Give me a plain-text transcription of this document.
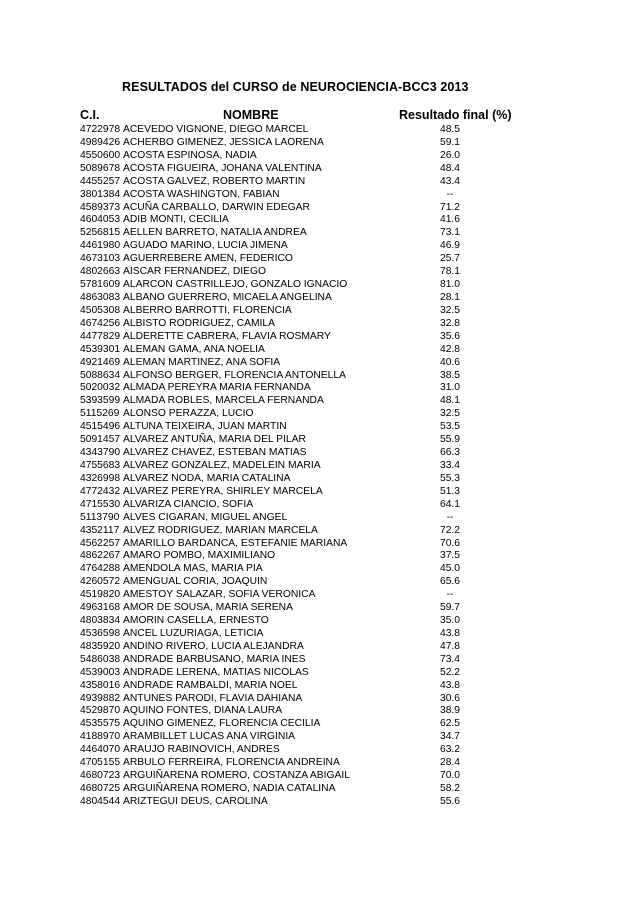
RESULTADOS del CURSO de NEUROCIENCIA-BCC3 2013
C.I.	NOMBRE	Resultado final (%)
4722978 ACEVEDO VIGNONE, DIEGO MARCEL	48.5
4989426 ACHERBO GIMENEZ, JESSICA LAORENA	59.1
4550600 ACOSTA ESPINOSA, NADIA	26.0
5089678 ACOSTA FIGUEIRA, JOHANA VALENTINA	48.4
4455257 ACOSTA GALVEZ, ROBERTO MARTIN	43.4
3801384 ACOSTA WASHINGTON, FABIAN	--
4589373 ACUÑA CARBALLO, DARWIN EDEGAR	71.2
4604053 ADIB MONTI, CECILIA	41.6
5256815 AELLEN BARRETO, NATALIA ANDREA	73.1
4461980 AGUADO MARINO, LUCIA JIMENA	46.9
4673103 AGUERREBERE AMEN, FEDERICO	25.7
4802663 AISCAR FERNANDEZ, DIEGO	78.1
5781609 ALARCON CASTRILLEJO, GONZALO IGNACIO	81.0
4863083 ALBANO GUERRERO, MICAELA ANGELINA	28.1
4505308 ALBERRO BARROTTI, FLORENCIA	32.5
4674256 ALBISTO RODRIGUEZ, CAMILA	32.8
4477829 ALDERETTE CABRERA, FLAVIA ROSMARY	35.6
4539301 ALEMAN GAMA, ANA NOELIA	42.8
4921469 ALEMAN MARTINEZ, ANA SOFIA	40.6
5088634 ALFONSO BERGER, FLORENCIA ANTONELLA	38.5
5020032 ALMADA PEREYRA MARIA FERNANDA	31.0
5393599 ALMADA ROBLES, MARCELA FERNANDA	48.1
5115269 ALONSO PERAZZA, LUCIO	32.5
4515496 ALTUNA TEIXEIRA, JUAN MARTIN	53.5
5091457 ALVAREZ ANTUÑA, MARIA DEL PILAR	55.9
4343790 ALVAREZ CHAVEZ, ESTEBAN MATIAS	66.3
4755683 ALVAREZ GONZALEZ, MADELEIN MARIA	33.4
4326998 ALVAREZ NODA, MARIA CATALINA	55.3
4772432 ALVAREZ PEREYRA, SHIRLEY MARCELA	51.3
4715530 ALVARIZA CIANCIO, SOFIA	64.1
5113790 ALVES CIGARAN, MIGUEL ANGEL	--
4352117 ALVEZ RODRIGUEZ, MARIAN MARCELA	72.2
4562257 AMARILLO BARDANCA, ESTEFANIE MARIANA	70.6
4862267 AMARO POMBO, MAXIMILIANO	37.5
4764288 AMENDOLA MAS, MARIA PIA	45.0
4260572 AMENGUAL CORIA, JOAQUIN	65.6
4519820 AMESTOY SALAZAR, SOFIA VERONICA	--
4963168 AMOR DE SOUSA, MARIA SERENA	59.7
4803834 AMORIN CASELLA, ERNESTO	35.0
4536598 ANCEL LUZURIAGA, LETICIA	43.8
4835920 ANDINO RIVERO, LUCIA ALEJANDRA	47.8
5486038 ANDRADE BARBUSANO, MARIA INES	73.4
4539003 ANDRADE LERENA, MATIAS NICOLAS	52.2
4358016 ANDRADE RAMBALDI, MARIA NOEL	43.8
4939882 ANTUNES PARODI, FLAVIA DAHIANA	30.6
4529870 AQUINO FONTES, DIANA LAURA	38.9
4535575 AQUINO GIMENEZ, FLORENCIA CECILIA	62.5
4188970 ARAMBILLET LUCAS ANA VIRGINIA	34.7
4464070 ARAUJO RABINOVICH, ANDRES	63.2
4705155 ARBULO FERREIRA, FLORENCIA ANDREINA	28.4
4680723 ARGUIÑARENA ROMERO, COSTANZA ABIGAIL	70.0
4680725 ARGUIÑARENA ROMERO, NADIA CATALINA	58.2
4804544 ARIZTEGUI DEUS, CAROLINA	55.6
